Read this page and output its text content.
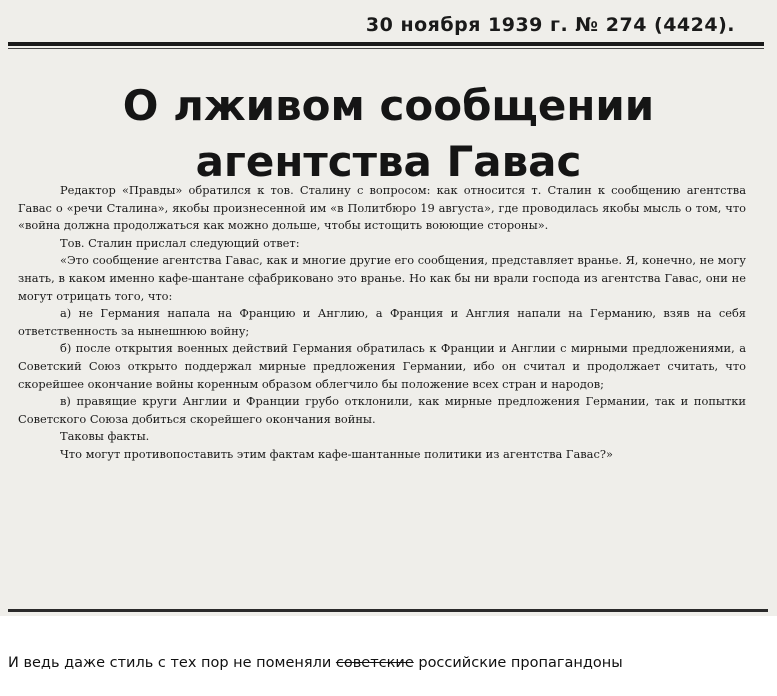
30 ноября 1939 г. № 274 (4424).
О лживом сообщении
агентства Гавас

Редактор «Правды» обратился к тов. Сталину с вопросом: как относится т. Сталин к сообщению агентства Гавас о «речи Сталина», якобы произнесенной им «в Политбюро 19 августа», где проводилась якобы мысль о том, что «война должна продолжаться как можно дольше, чтобы истощить воюющие стороны».

Тов. Сталин прислал следующий ответ:

«Это сообщение агентства Гавас, как и многие другие его сообщения, представляет вранье. Я, конечно, не могу знать, в каком именно кафе-шантане сфабриковано это вранье. Но как бы ни врали господа из агентства Гавас, они не могут отрицать того, что:

а) не Германия напала на Францию и Англию, а Франция и Англия напали на Германию, взяв на себя ответственность за нынешнюю войну;

б) после открытия военных действий Германия обратилась к Франции и Англии с мирными предложениями, а Советский Союз открыто поддержал мирные предложения Германии, ибо он считал и продолжает считать, что скорейшее окончание войны коренным образом облегчило бы положение всех стран и народов;

в) правящие круги Англии и Франции грубо отклонили, как мирные предложения Германии, так и попытки Советского Союза добиться скорейшего окончания войны.

Таковы факты.

Что могут противопоставить этим фактам кафе-шантанные политики из агентства Гавас?»

И ведь даже стиль с тех пор не поменяли советские российские пропагандоны
